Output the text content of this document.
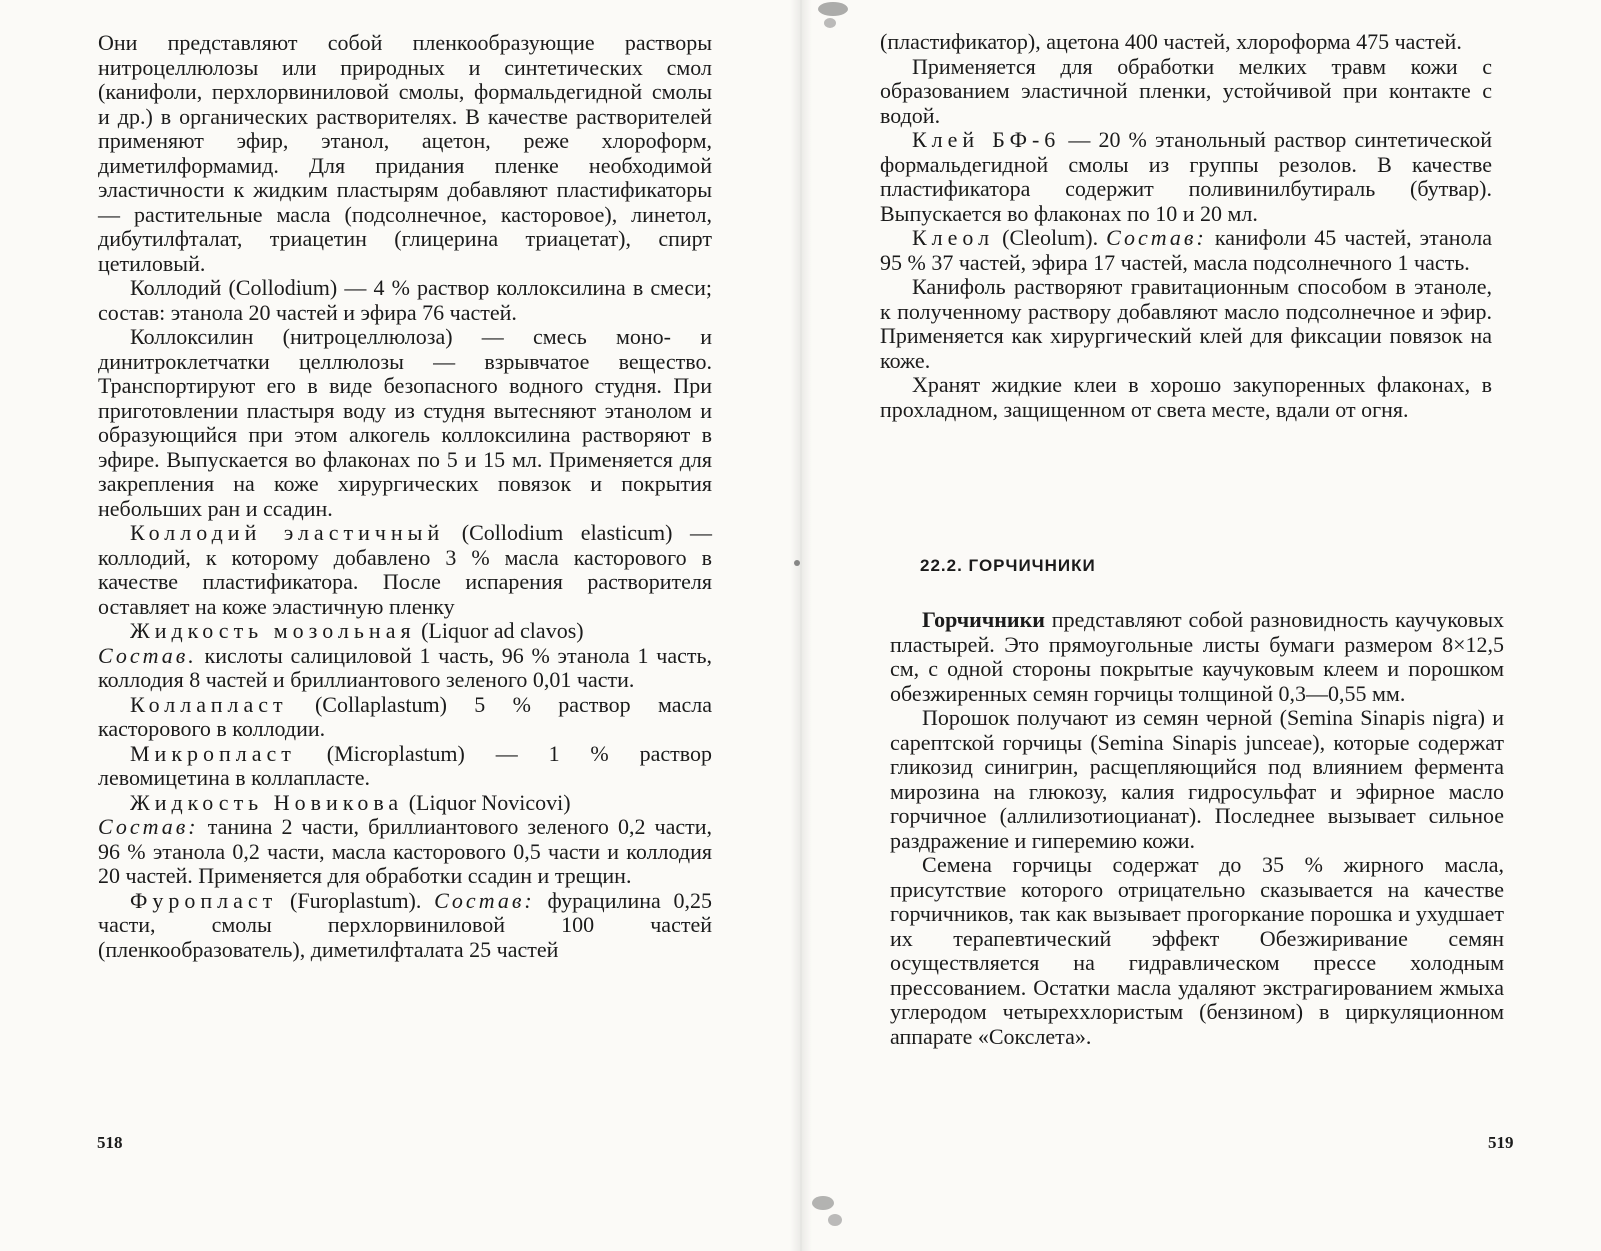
Они представляют собой пленкообразующие растворы нитроцеллюлозы или природных и синтетических смол (канифоли, перхлорвиниловой смолы, формальдегидной смолы и др.) в органических растворителях. В качестве растворителей применяют эфир, этанол, ацетон, реже хлороформ, диметилформамид. Для придания пленке необходимой эластичности к жидким пластырям добавляют пластификаторы — растительные масла (подсолнечное, касторовое), линетол, дибутилфталат, триацетин (глицерина триацетат), спирт цетиловый.

Коллодий (Collodium) — 4 % раствор коллоксилина в смеси; состав: этанола 20 частей и эфира 76 частей.

Коллоксилин (нитроцеллюлоза) — смесь моно- и динитроклетчатки целлюлозы — взрывчатое вещество. Транспортируют его в виде безопасного водного студня. При приготовлении пластыря воду из студня вытесняют этанолом и образующийся при этом алкогель коллоксилина растворяют в эфире. Выпускается во флаконах по 5 и 15 мл. Применяется для закрепления на коже хирургических повязок и покрытия небольших ран и ссадин.

Коллодий эластичный (Collodium elasticum) — коллодий, к которому добавлено 3 % масла касторового в качестве пластификатора. После испарения растворителя оставляет на коже эластичную пленку

Жидкость мозольная (Liquor ad clavos)

Состав. кислоты салициловой 1 часть, 96 % этанола 1 часть, коллодия 8 частей и бриллиантового зеленого 0,01 части.

Коллапласт (Collaplastum) 5 % раствор масла касторового в коллодии.

Микропласт (Microplastum) — 1 % раствор левомицетина в коллапласте.

Жидкость Новикова (Liquor Novicovi)

Состав: танина 2 части, бриллиантового зеленого 0,2 части, 96 % этанола 0,2 части, масла касторового 0,5 части и коллодия 20 частей. Применяется для обработки ссадин и трещин.

Фуропласт (Furoplastum). Состав: фурацилина 0,25 части, смолы перхлорвиниловой 100 частей (пленкообразователь), диметилфталата 25 частей

518

(пластификатор), ацетона 400 частей, хлороформа 475 частей.

Применяется для обработки мелких травм кожи с образованием эластичной пленки, устойчивой при контакте с водой.

Клей БФ-6 — 20 % этанольный раствор синтетической формальдегидной смолы из группы резолов. В качестве пластификатора содержит поливинилбутираль (бутвар). Выпускается во флаконах по 10 и 20 мл.

Клеол (Cleolum). Состав: канифоли 45 частей, этанола 95 % 37 частей, эфира 17 частей, масла подсолнечного 1 часть.

Канифоль растворяют гравитационным способом в этаноле, к полученному раствору добавляют масло подсолнечное и эфир. Применяется как хирургический клей для фиксации повязок на коже.

Хранят жидкие клеи в хорошо закупоренных флаконах, в прохладном, защищенном от света месте, вдали от огня.

22.2. ГОРЧИЧНИКИ

Горчичники представляют собой разновидность каучуковых пластырей. Это прямоугольные листы бумаги размером 8×12,5 см, с одной стороны покрытые каучуковым клеем и порошком обезжиренных семян горчицы толщиной 0,3—0,55 мм.

Порошок получают из семян черной (Semina Sinapis nigra) и сарептской горчицы (Semina Sinapis junceae), которые содержат гликозид синигрин, расщепляющийся под влиянием фермента мирозина на глюкозу, калия гидросульфат и эфирное масло горчичное (аллилизотиоцианат). Последнее вызывает сильное раздражение и гиперемию кожи.

Семена горчицы содержат до 35 % жирного масла, присутствие которого отрицательно сказывается на качестве горчичников, так как вызывает прогоркание порошка и ухудшает их терапевтический эффект Обезжиривание семян осуществляется на гидравлическом прессе холодным прессованием. Остатки масла удаляют экстрагированием жмыха углеродом четыреххлористым (бензином) в циркуляционном аппарате «Сокслета».

519
